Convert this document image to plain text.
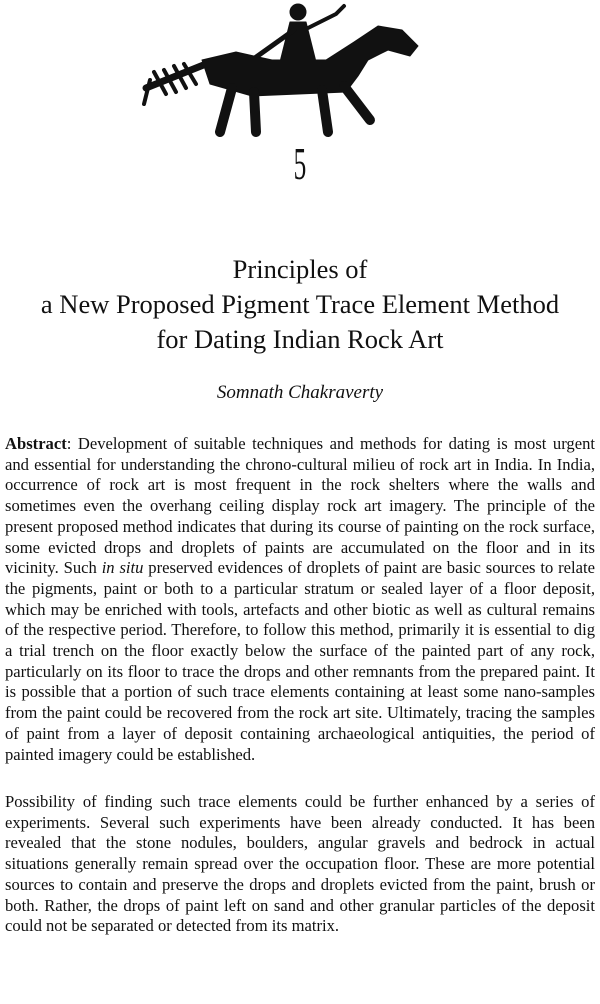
5
Principles of
a New Proposed Pigment Trace Element Method
for Dating Indian Rock Art
Somnath Chakraverty

Abstract: Development of suitable techniques and methods for dating is most urgent and essential for understanding the chrono-cultural milieu of rock art in India. In India, occurrence of rock art is most frequent in the rock shelters where the walls and sometimes even the overhang ceiling display rock art imagery. The principle of the present proposed method indicates that during its course of painting on the rock surface, some evicted drops and droplets of paints are accumulated on the floor and in its vicinity. Such in situ preserved evidences of droplets of paint are basic sources to relate the pigments, paint or both to a particular stratum or sealed layer of a floor deposit, which may be enriched with tools, artefacts and other biotic as well as cultural remains of the respective period. Therefore, to follow this method, primarily it is essential to dig a trial trench on the floor exactly below the surface of the painted part of any rock, particularly on its floor to trace the drops and other remnants from the prepared paint. It is possible that a portion of such trace elements containing at least some nano-samples from the paint could be recovered from the rock art site. Ultimately, tracing the samples of paint from a layer of deposit containing archaeological antiquities, the period of painted imagery could be established.

Possibility of finding such trace elements could be further enhanced by a series of experiments. Several such experiments have been already conducted. It has been revealed that the stone nodules, boulders, angular gravels and bedrock in actual situations generally remain spread over the occupation floor. These are more potential sources to contain and preserve the drops and droplets evicted from the paint, brush or both. Rather, the drops of paint left on sand and other granular particles of the deposit could not be separated or detected from its matrix.
